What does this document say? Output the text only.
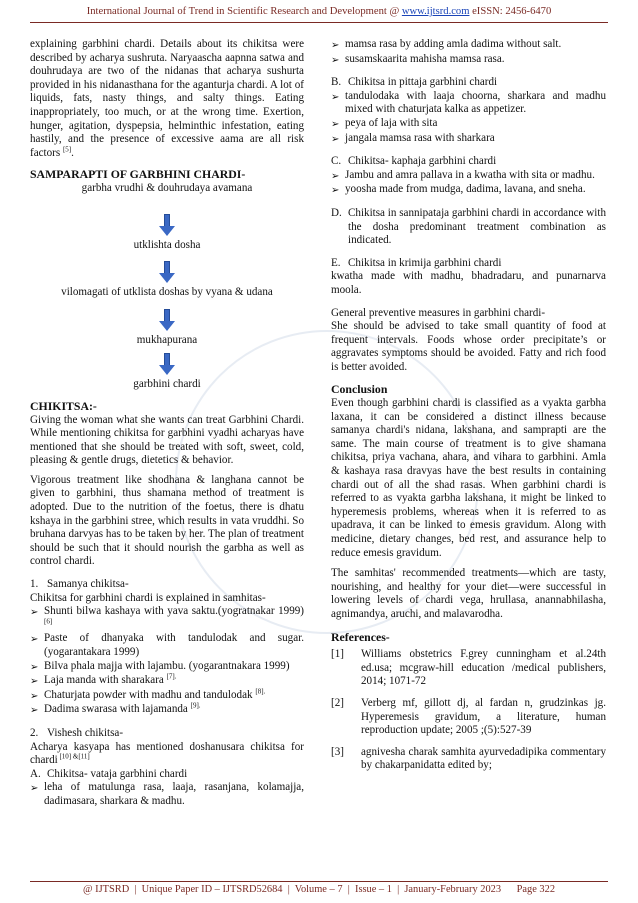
International Journal of Trend in Scientific Research and Development @ www.ijtsrd.com eISSN: 2456-6470

explaining garbhini chardi. Details about its chikitsa were described by acharya sushruta. Naryaascha aapnna satwa and douhrudaya are two of the nidanas that acharya sushurta provided in his nidanasthana for the aganturja chardi. A lot of liquids, fats, nasty things, and salty things. Eating inappropriately, too much, or at the wrong time. Exertion, hunger, agitation, dyspepsia, helminthic infestation, eating hastily, and the presence of excessive aama are all risk factors [5].

SAMPARAPTI OF GARBHINI CHARDI-
garbha vrudhi & douhrudaya avamana
utklishta dosha
vilomagati of utklista doshas by vyana & udana
mukhapurana
garbhini chardi
CHIKITSA:-

Giving the woman what she wants can treat Garbhini Chardi. While mentioning chikitsa for garbhini vyadhi acharyas have mentioned that she should be treated with soft, sweet, cold, pleasing & gentle drugs, dietetics & behavior.

Vigorous treatment like shodhana & langhana cannot be given to garbhini, thus shamana method of treatment is adopted. Due to the nutrition of the foetus, there is dhatu kshaya in the garbhini stree, which results in vata vruddhi. So bruhana darvyas has to be taken by her. The plan of treatment should be such that it should nourish the garbha as well as control chardi.

1. Samanya chikitsa-

Chikitsa for garbhini chardi is explained in samhitas-

➢ Shunti bilwa kashaya with yava saktu.(yogratnakar 1999)[6]
➢ Paste of dhanyaka with tandulodak and sugar.(yogarantakara 1999)
➢ Bilva phala majja with lajambu. (yogarantnakara 1999)
➢ Laja manda with sharakara $^{[7].}$
➢ Chaturjata powder with madhu and tandulodak $^{[8].}$
➢ Dadima swarasa with lajamanda $^{[9].}$
2. Vishesh chikitsa-

Acharya kasyapa has mentioned doshanusara chikitsa for chardi [10] &[11]

A. Chikitsa- vataja garbhini chardi
➢ leha of matulunga rasa, laaja, rasanjana, kolamajja, dadimasara, sharkara & madhu.
➢ mamsa rasa by adding amla dadima without salt.
➢ susamskaarita mahisha mamsa rasa.
B. Chikitsa in pittaja garbhini chardi
➢ tandulodaka with laaja choorna, sharkara and madhu mixed with chaturjata kalka as appetizer.
➢ peya of laja with sita
➢ jangala mamsa rasa with sharkara
C. Chikitsa- kaphaja garbhini chardi
➢ Jambu and amra pallava in a kwatha with sita or madhu.
➢ yoosha made from mudga, dadima, lavana, and sneha.
D. Chikitsa in sannipataja garbhini chardi in accordance with the dosha predominant treatment combination as indicated.
E. Chikitsa in krimija garbhini chardi

kwatha made with madhu, bhadradaru, and punarnarva moola.

General preventive measures in garbhini chardi-

She should be advised to take small quantity of food at frequent intervals. Foods whose order precipitate’s or aggravates symptoms should be avoided. Fatty and rich food is better avoided.

Conclusion

Even though garbhini chardi is classified as a vyakta garbha laxana, it can be considered a distinct illness because samanya chardi's nidana, lakshana, and samprapti are the same. The main course of treatment is to give shamana chikitsa, priya vachana, ahara, and vihara to garbhini. Amla & kashaya rasa dravyas have the best results in containing chardi out of all the shad rasas. When garbhini chardi is referred to as vyakta garbha lakshana, it might be linked to hyperemesis problems, whereas when it is referred to as upadrava, it can be linked to emesis gravidum. Along with medicine, dietary changes, bed rest, and assurance help to reduce emesis gravidum.

The samhitas' recommended treatments—which are tasty, nourishing, and healthy for your diet—were successful in lowering levels of chardi vega, hrullasa, anannabhilasha, agnimandya, aruchi, and malavarodha.

References-
[1]	Williams obstetrics F.grey cunningham et al.24th ed.usa; mcgraw-hill education /medical publishers, 2014; 1071-72
[2]	Verberg mf, gillott dj, al fardan n, grudzinkas jg. Hyperemesis gravidum, a literature, human reproduction update; 2005 ;(5):527-39
[3]	agnivesha charak samhita ayurvedadipika commentary by chakarpanidatta edited by;
@ IJTSRD  |  Unique Paper ID – IJTSRD52684  |  Volume – 7  |  Issue – 1  |  January-February 2023      Page 322
